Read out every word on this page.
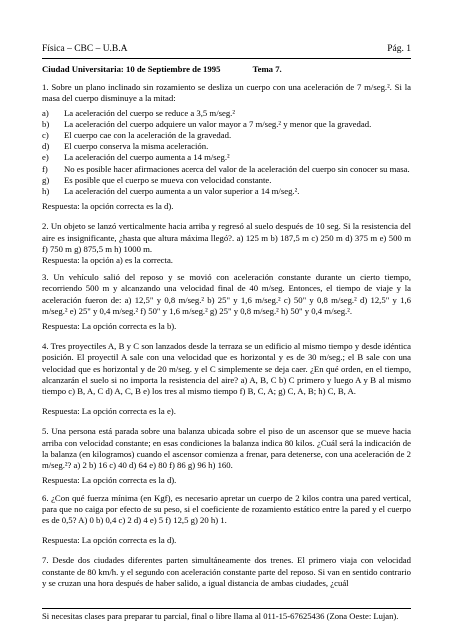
Física – CBC – U.B.A	Pág. 1

Ciudad Universitaria: 10 de Septiembre de 1995	Tema 7.

1. Sobre un plano inclinado sin rozamiento se desliza un cuerpo con una aceleración de 7 m/seg.². Si la masa del cuerpo disminuye a la mitad:

a) La aceleración del cuerpo se reduce a 3,5 m/seg.²
b) La aceleración del cuerpo adquiere un valor mayor a 7 m/seg.² y menor que la gravedad.
c) El cuerpo cae con la aceleración de la gravedad.
d) El cuerpo conserva la misma aceleración.
e) La aceleración del cuerpo aumenta a 14 m/seg.²
f) No es posible hacer afirmaciones acerca del valor de la aceleración del cuerpo sin conocer su masa.
g) Es posible que el cuerpo se mueva con velocidad constante.
h) La aceleración del cuerpo aumenta a un valor superior a 14 m/seg.².

Respuesta: la opción correcta es la d).

2. Un objeto se lanzó verticalmente hacia arriba y regresó al suelo después de 10 seg. Si la resistencia del aire es insignificante, ¿hasta que altura máxima llegó?. a) 125 m b) 187,5 m c) 250 m d) 375 m e) 500 m f) 750 m g) 875,5 m h) 1000 m.

Respuesta: la opción a) es la correcta.

3. Un vehículo salió del reposo y se movió con aceleración constante durante un cierto tiempo, recorriendo 500 m y alcanzando una velocidad final de 40 m/seg. Entonces, el tiempo de viaje y la aceleración fueron de: a) 12,5" y 0,8 m/seg.² b) 25" y 1,6 m/seg.² c) 50" y 0,8 m/seg.² d) 12,5" y 1,6 m/seg.² e) 25" y 0,4 m/seg.² f) 50" y 1,6 m/seg.² g) 25" y 0,8 m/seg.² h) 50" y 0,4 m/seg.².

Respuesta: La opción correcta es la b).

4. Tres proyectiles A, B y C son lanzados desde la terraza se un edificio al mismo tiempo y desde idéntica posición. El proyectil A sale con una velocidad que es horizontal y es de 30 m/seg.; el B sale con una velocidad que es horizontal y de 20 m/seg. y el C simplemente se deja caer. ¿En qué orden, en el tiempo, alcanzarán el suelo si no importa la resistencia del aire? a) A, B, C b) C primero y luego A y B al mismo tiempo c) B, A, C d) A, C, B e) los tres al mismo tiempo f) B, C, A; g) C, A, B; h) C, B, A.

Respuesta: La opción correcta es la e).

5. Una persona está parada sobre una balanza ubicada sobre el piso de un ascensor que se mueve hacia arriba con velocidad constante; en esas condiciones la balanza indica 80 kilos. ¿Cuál será la indicación de la balanza (en kilogramos) cuando el ascensor comienza a frenar, para detenerse, con una aceleración de 2 m/seg.²? a) 2 b) 16 c) 40 d) 64 e) 80 f) 86 g) 96 h) 160.

Respuesta: La opción correcta es la d).

6. ¿Con qué fuerza mínima (en Kgf), es necesario apretar un cuerpo de 2 kilos contra una pared vertical, para que no caiga por efecto de su peso, si el coeficiente de rozamiento estático entre la pared y el cuerpo es de 0,5? A) 0 b) 0,4 c) 2 d) 4 e) 5 f) 12,5 g) 20 h) 1.

Respuesta: La opción correcta es la d).

7. Desde dos ciudades diferentes parten simultáneamente dos trenes. El primero viaja con velocidad constante de 80 km/h. y el segundo con aceleración constante parte del reposo. Si van en sentido contrario y se cruzan una hora después de haber salido, a igual distancia de ambas ciudades, ¿cuál

Si necesitas clases para preparar tu parcial, final o libre llama al 011-15-67625436 (Zona Oeste: Lujan).
